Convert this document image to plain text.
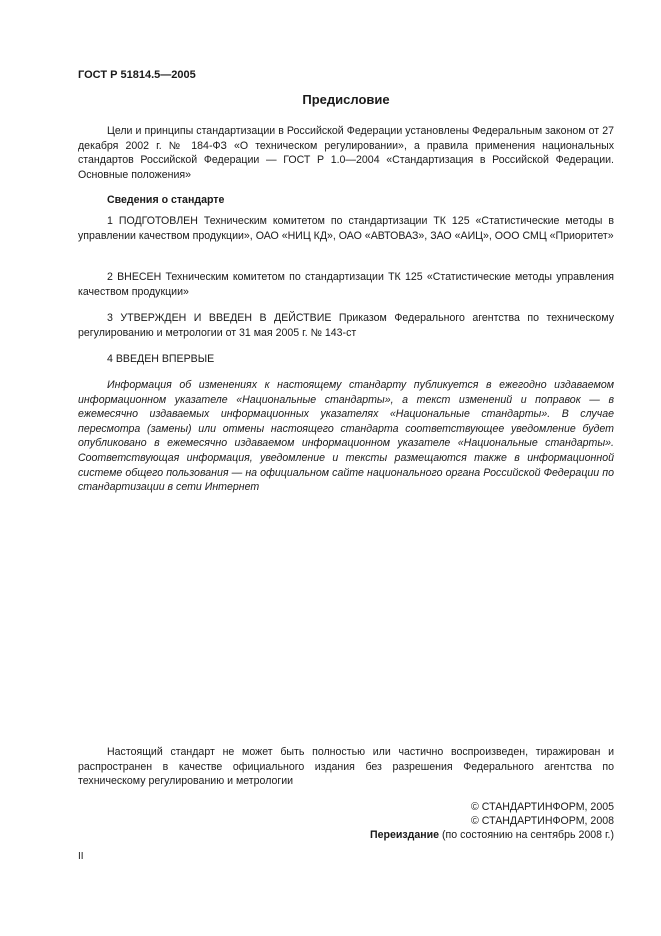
ГОСТ Р 51814.5—2005
Предисловие

Цели и принципы стандартизации в Российской Федерации установлены Федеральным законом от 27 декабря 2002 г. № 184-ФЗ «О техническом регулировании», а правила применения национальных стандартов Российской Федерации — ГОСТ Р 1.0—2004 «Стандартизация в Российской Федерации. Основные положения»

Сведения о стандарте

1 ПОДГОТОВЛЕН Техническим комитетом по стандартизации ТК 125 «Статистические методы в управлении качеством продукции», ОАО «НИЦ КД», ОАО «АВТОВАЗ», ЗАО «АИЦ», ООО СМЦ «Приоритет»

2 ВНЕСЕН Техническим комитетом по стандартизации ТК 125 «Статистические методы управления качеством продукции»

3 УТВЕРЖДЕН И ВВЕДЕН В ДЕЙСТВИЕ Приказом Федерального агентства по техническому регулированию и метрологии от 31 мая 2005 г. № 143-ст

4 ВВЕДЕН ВПЕРВЫЕ

Информация об изменениях к настоящему стандарту публикуется в ежегодно издаваемом информационном указателе «Национальные стандарты», а текст изменений и поправок — в ежемесячно издаваемых информационных указателях «Национальные стандарты». В случае пересмотра (замены) или отмены настоящего стандарта соответствующее уведомление будет опубликовано в ежемесячно издаваемом информационном указателе «Национальные стандарты». Соответствующая информация, уведомление и тексты размещаются также в информационной системе общего пользования — на официальном сайте национального органа Российской Федерации по стандартизации в сети Интернет

Настоящий стандарт не может быть полностью или частично воспроизведен, тиражирован и распространен в качестве официального издания без разрешения Федерального агентства по техническому регулированию и метрологии

© СТАНДАРТИНФОРМ, 2005
© СТАНДАРТИНФОРМ, 2008
Переиздание (по состоянию на сентябрь 2008 г.)
II
